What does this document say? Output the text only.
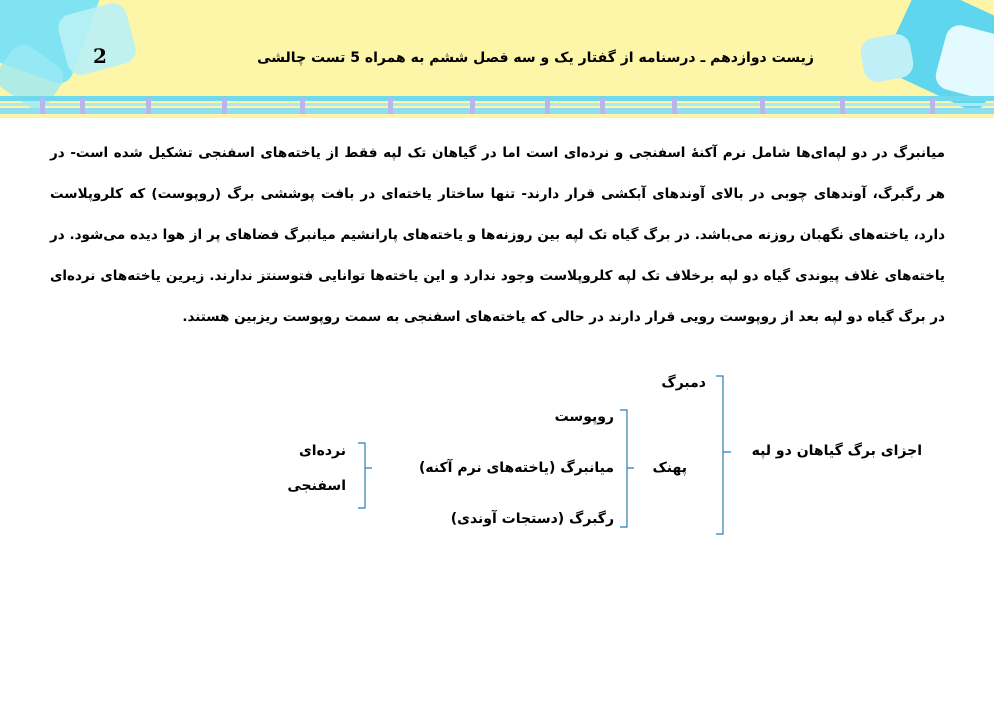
زیست دوازدهم ـ درسنامه از گفتار یک و سه فصل ششم به همراه 5 تست چالشی
2

میانبرگ در دو لپه‌ای‌ها شامل نرم آکنهٔ اسفنجی و نرده‌ای است اما در گیاهان تک لپه فقط از یاخته‌های اسفنجی تشکیل شده است- در هر رگبرگ، آوندهای چوبی در بالای آوندهای آبکشی قرار دارند- تنها ساختار یاخته‌ای در بافت پوششی برگ (روپوست) که کلروپلاست دارد، یاخته‌های نگهبان روزنه می‌باشد. در برگ گیاه تک لپه بین روزنه‌ها و یاخته‌های پارانشیم میانبرگ فضاهای پر از هوا دیده می‌شود. در یاخته‌های غلاف پیوندی گیاه دو لپه برخلاف تک لپه کلروپلاست وجود ندارد و این یاخته‌ها توانایی فتوسنتز ندارند. زیرین یاخته‌های نرده‌ای در برگ گیاه دو لپه بعد از روپوست رویی قرار دارند در حالی که یاخته‌های اسفنجی به سمت روپوست ریزبین هستند.

اجزای برگ گیاهان دو لپه
دمبرگ
پهنک
روپوست
میانبرگ (یاخته‌های نرم آکنه)
رگبرگ (دستجات آوندی)
نرده‌ای
اسفنجی
